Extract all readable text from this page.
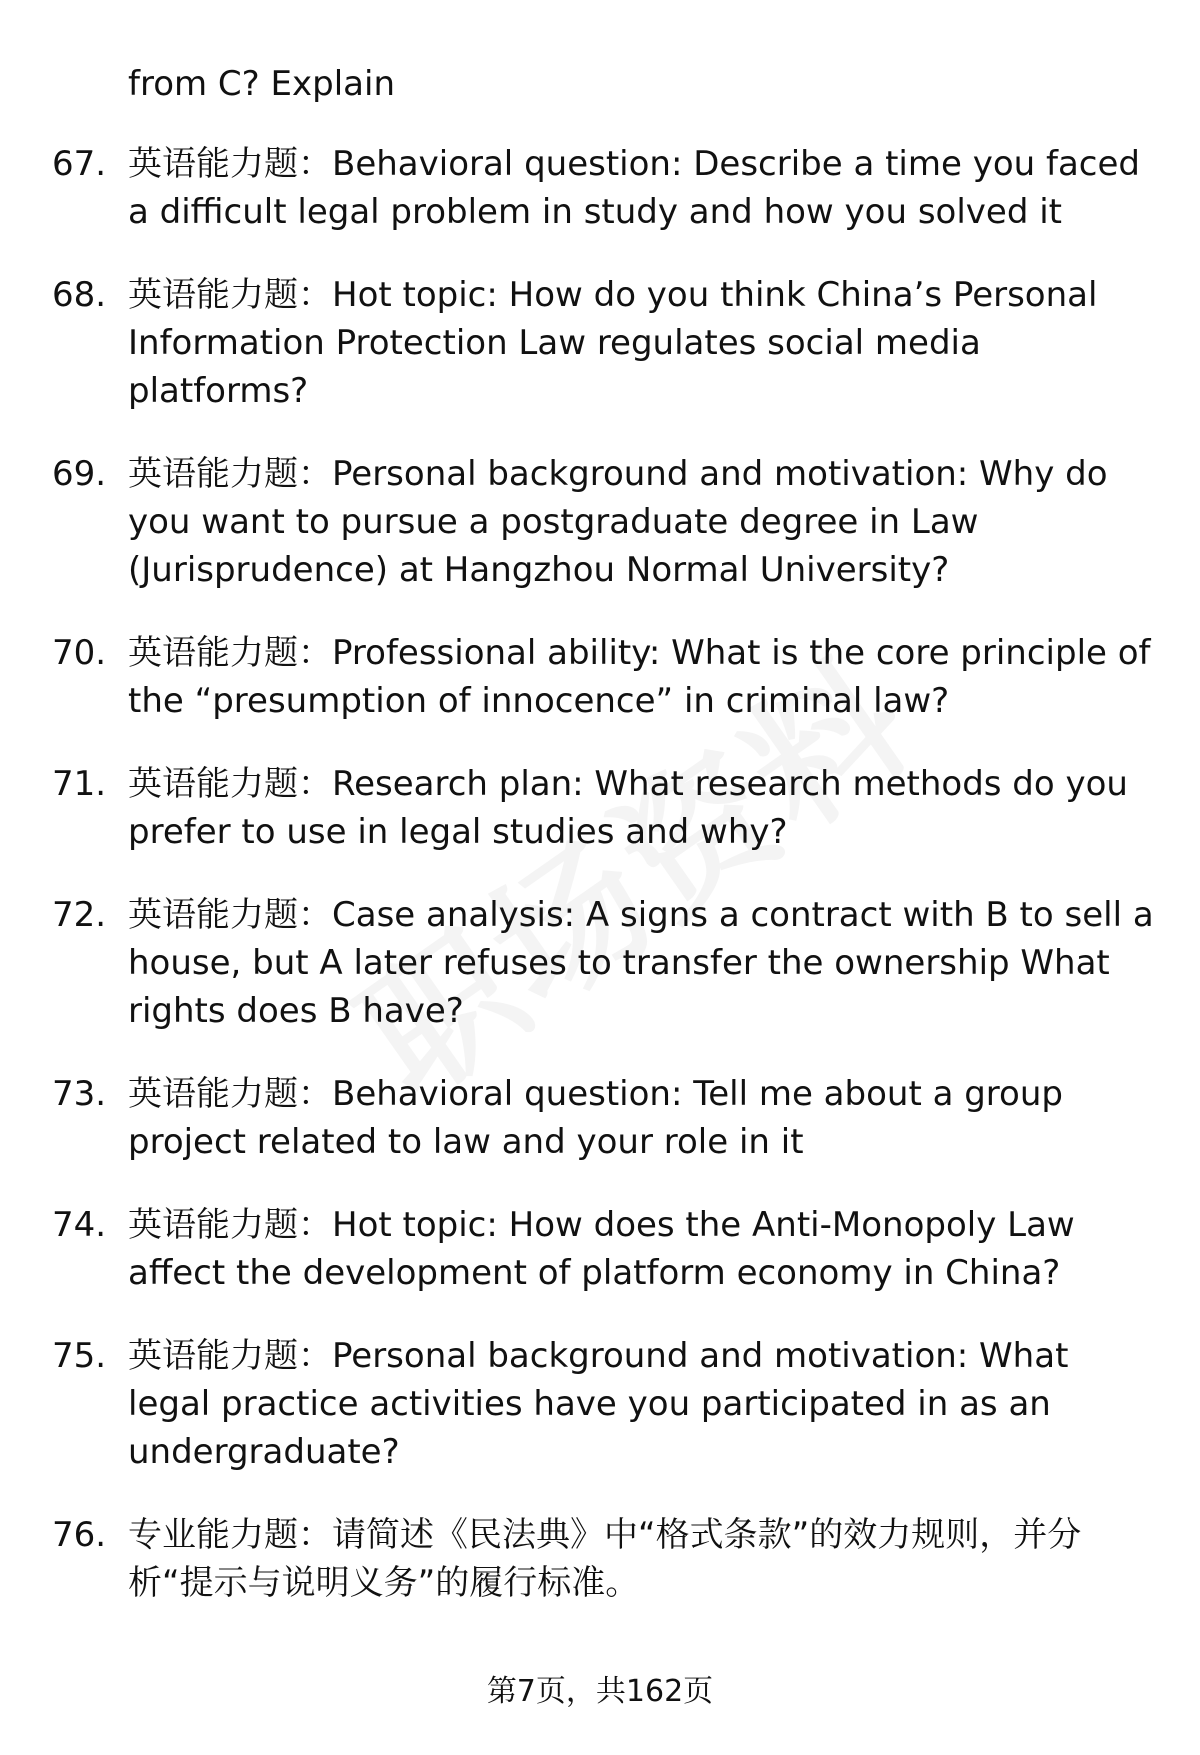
from C? Explain
67. 英语能力题：Behavioral question: Describe a time you faced a difficult legal problem in study and how you solved it
68. 英语能力题：Hot topic: How do you think China’s Personal Information Protection Law regulates social media platforms?
69. 英语能力题：Personal background and motivation: Why do you want to pursue a postgraduate degree in Law (Jurisprudence) at Hangzhou Normal University?
70. 英语能力题：Professional ability: What is the core principle of the “presumption of innocence” in criminal law?
71. 英语能力题：Research plan: What research methods do you prefer to use in legal studies and why?
72. 英语能力题：Case analysis: A signs a contract with B to sell a house, but A later refuses to transfer the ownership What rights does B have?
73. 英语能力题：Behavioral question: Tell me about a group project related to law and your role in it
74. 英语能力题：Hot topic: How does the Anti-Monopoly Law affect the development of platform economy in China?
75. 英语能力题：Personal background and motivation: What legal practice activities have you participated in as an undergraduate?
76. 专业能力题：请简述《民法典》中“格式条款”的效力规则，并分析“提示与说明义务”的履行标准。
第7页，共162页
